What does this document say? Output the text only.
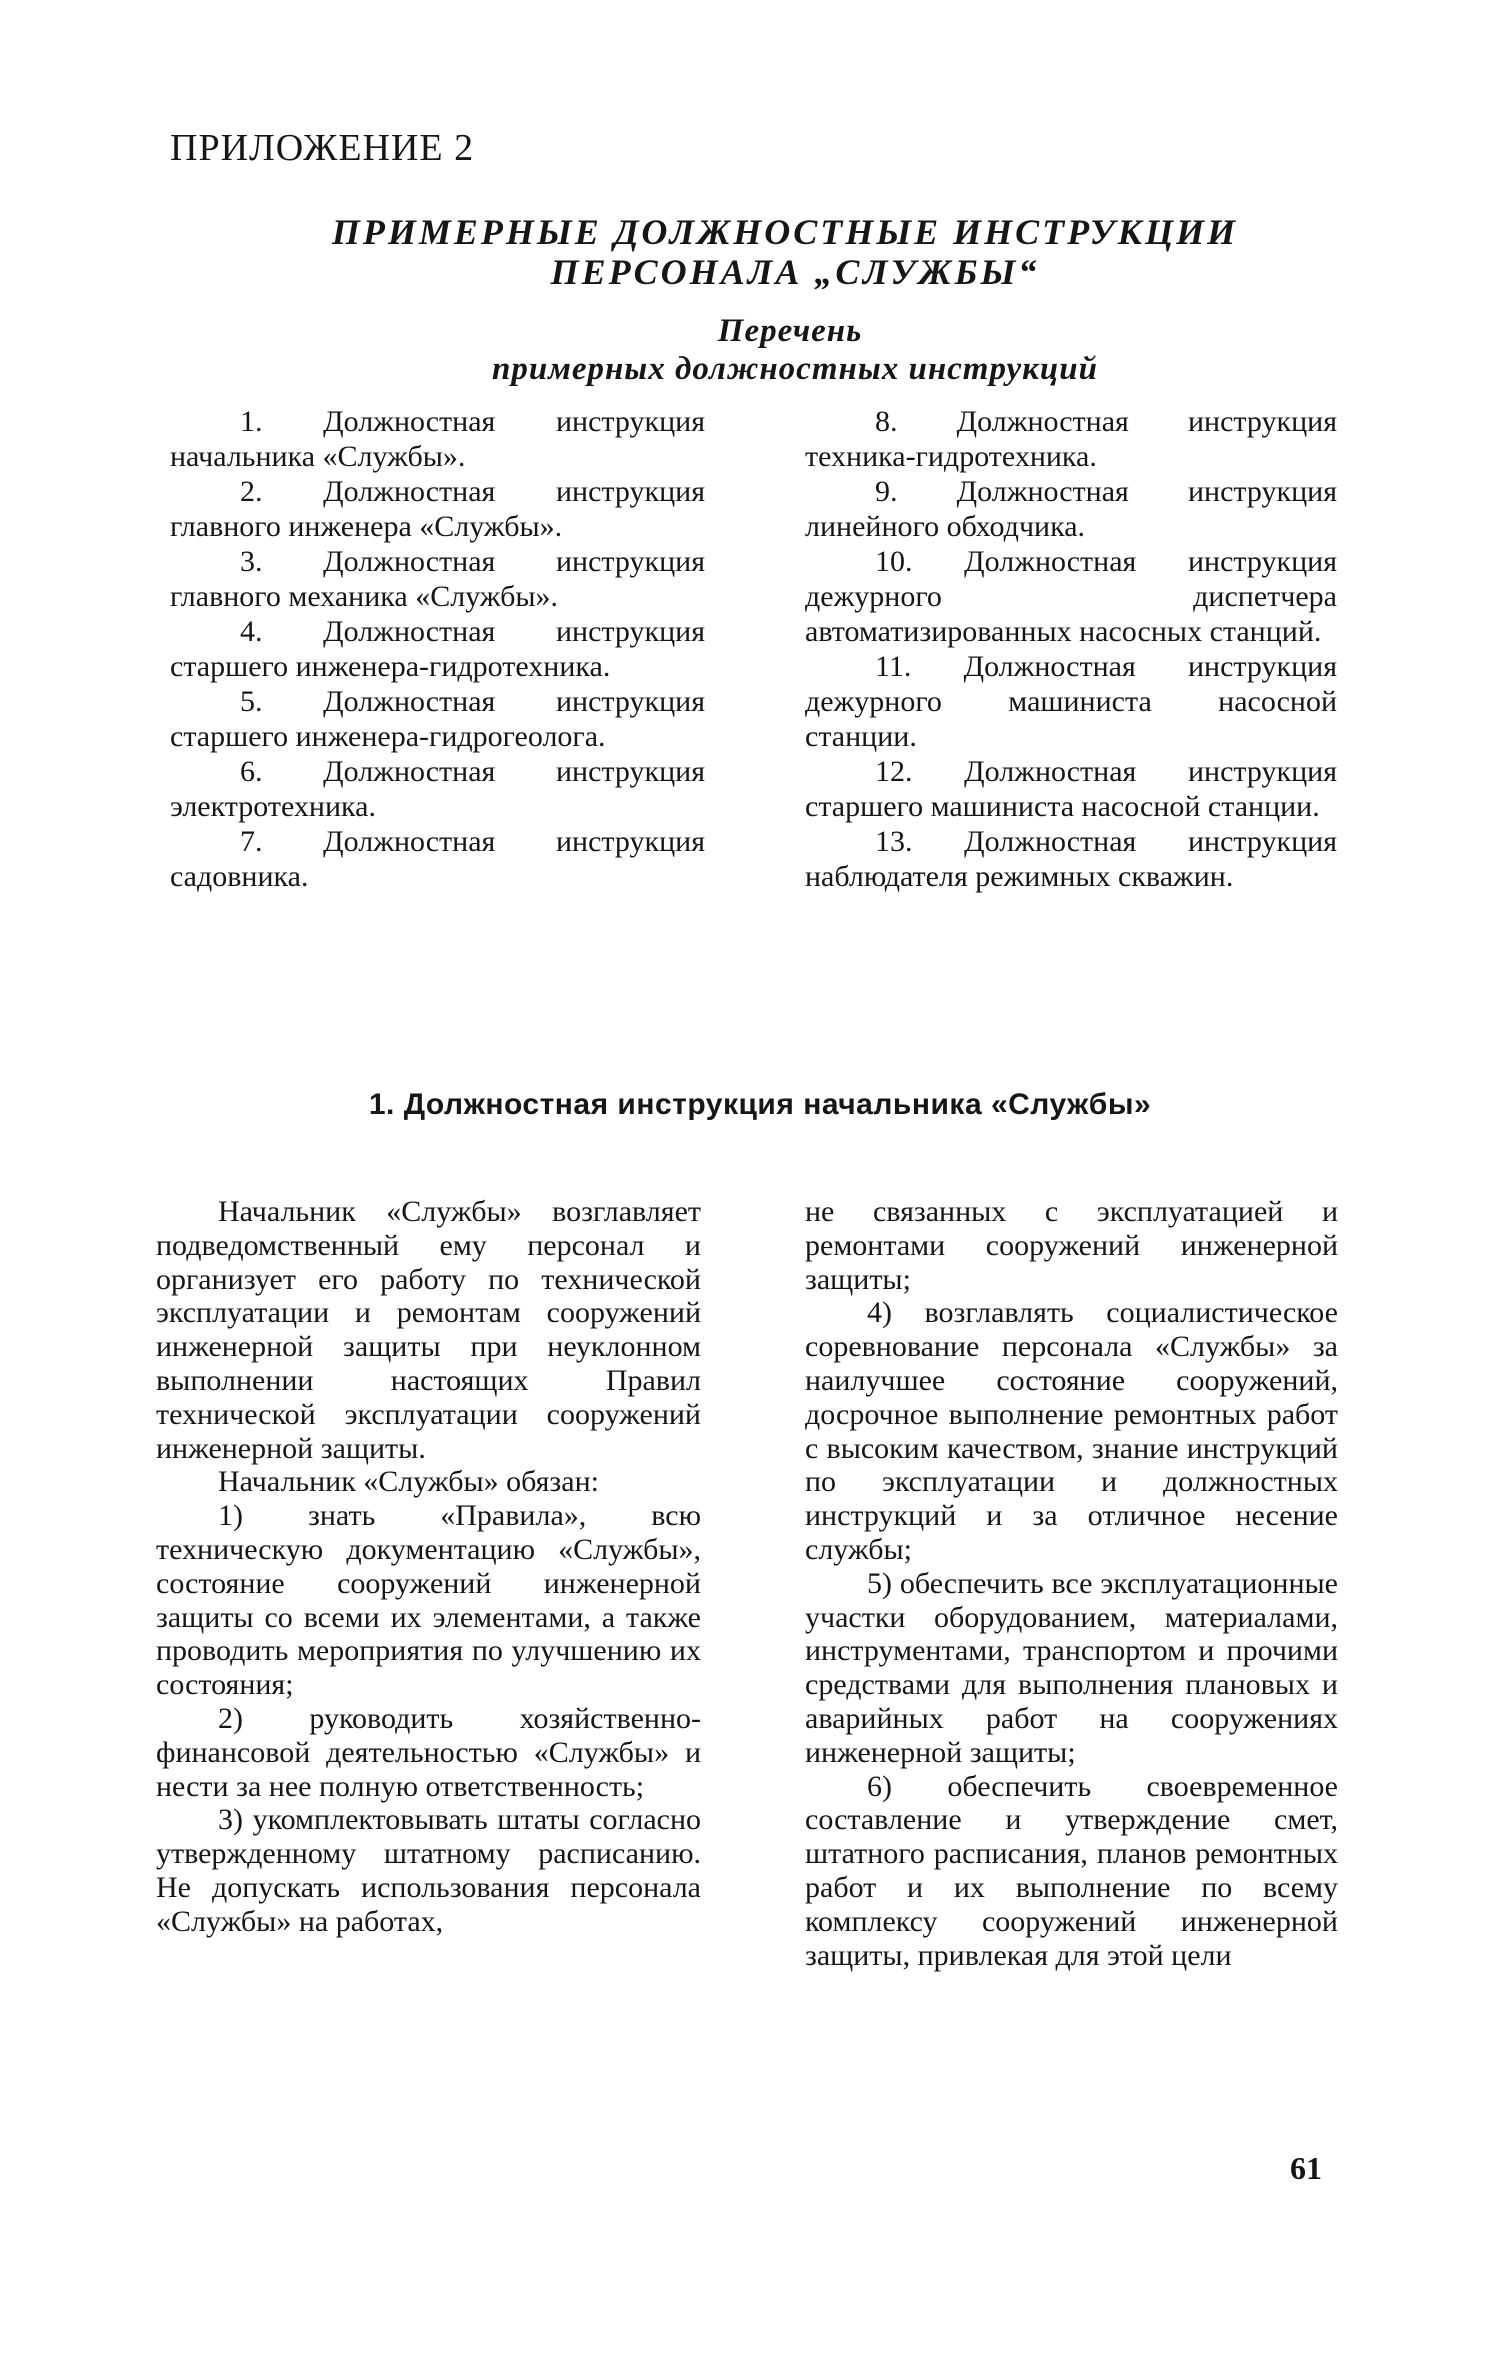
ПРИЛОЖЕНИЕ 2
ПРИМЕРНЫЕ ДОЛЖНОСТНЫЕ ИНСТРУКЦИИ
ПЕРСОНАЛА „СЛУЖБЫ“
Перечень
примерных должностных инструкций

1. Должностная инструкция начальника «Службы».

2. Должностная инструкция главного инженера «Службы».

3. Должностная инструкция главного механика «Службы».

4. Должностная инструкция старшего инженера-гидротехника.

5. Должностная инструкция старшего инженера-гидрогеолога.

6. Должностная инструкция электротехника.

7. Должностная инструкция садовника.

8. Должностная инструкция техника-гидротехника.

9. Должностная инструкция линейного обходчика.

10. Должностная инструкция дежурного диспетчера автоматизированных насосных станций.

11. Должностная инструкция дежурного машиниста насосной станции.

12. Должностная инструкция старшего машиниста насосной станции.

13. Должностная инструкция наблюдателя режимных скважин.

1. Должностная инструкция начальника «Службы»

Начальник «Службы» возглавляет подведомственный ему персонал и организует его работу по технической эксплуатации и ремонтам сооружений инженерной защиты при неуклонном выполнении настоящих Правил технической эксплуатации сооружений инженерной защиты.

Начальник «Службы» обязан:

1) знать «Правила», всю техническую документацию «Службы», состояние сооружений инженерной защиты со всеми их элементами, а также проводить мероприятия по улучшению их состояния;

2) руководить хозяйственно-финансовой деятельностью «Службы» и нести за нее полную ответственность;

3) укомплектовывать штаты согласно утвержденному штатному расписанию. Не допускать использования персонала «Службы» на работах,

не связанных с эксплуатацией и ремонтами сооружений инженерной защиты;

4) возглавлять социалистическое соревнование персонала «Службы» за наилучшее состояние сооружений, досрочное выполнение ремонтных работ с высоким качеством, знание инструкций по эксплуатации и должностных инструкций и за отличное несение службы;

5) обеспечить все эксплуатационные участки оборудованием, материалами, инструментами, транспортом и прочими средствами для выполнения плановых и аварийных работ на сооружениях инженерной защиты;

6) обеспечить своевременное составление и утверждение смет, штатного расписания, планов ремонтных работ и их выполнение по всему комплексу сооружений инженерной защиты, привлекая для этой цели

61
